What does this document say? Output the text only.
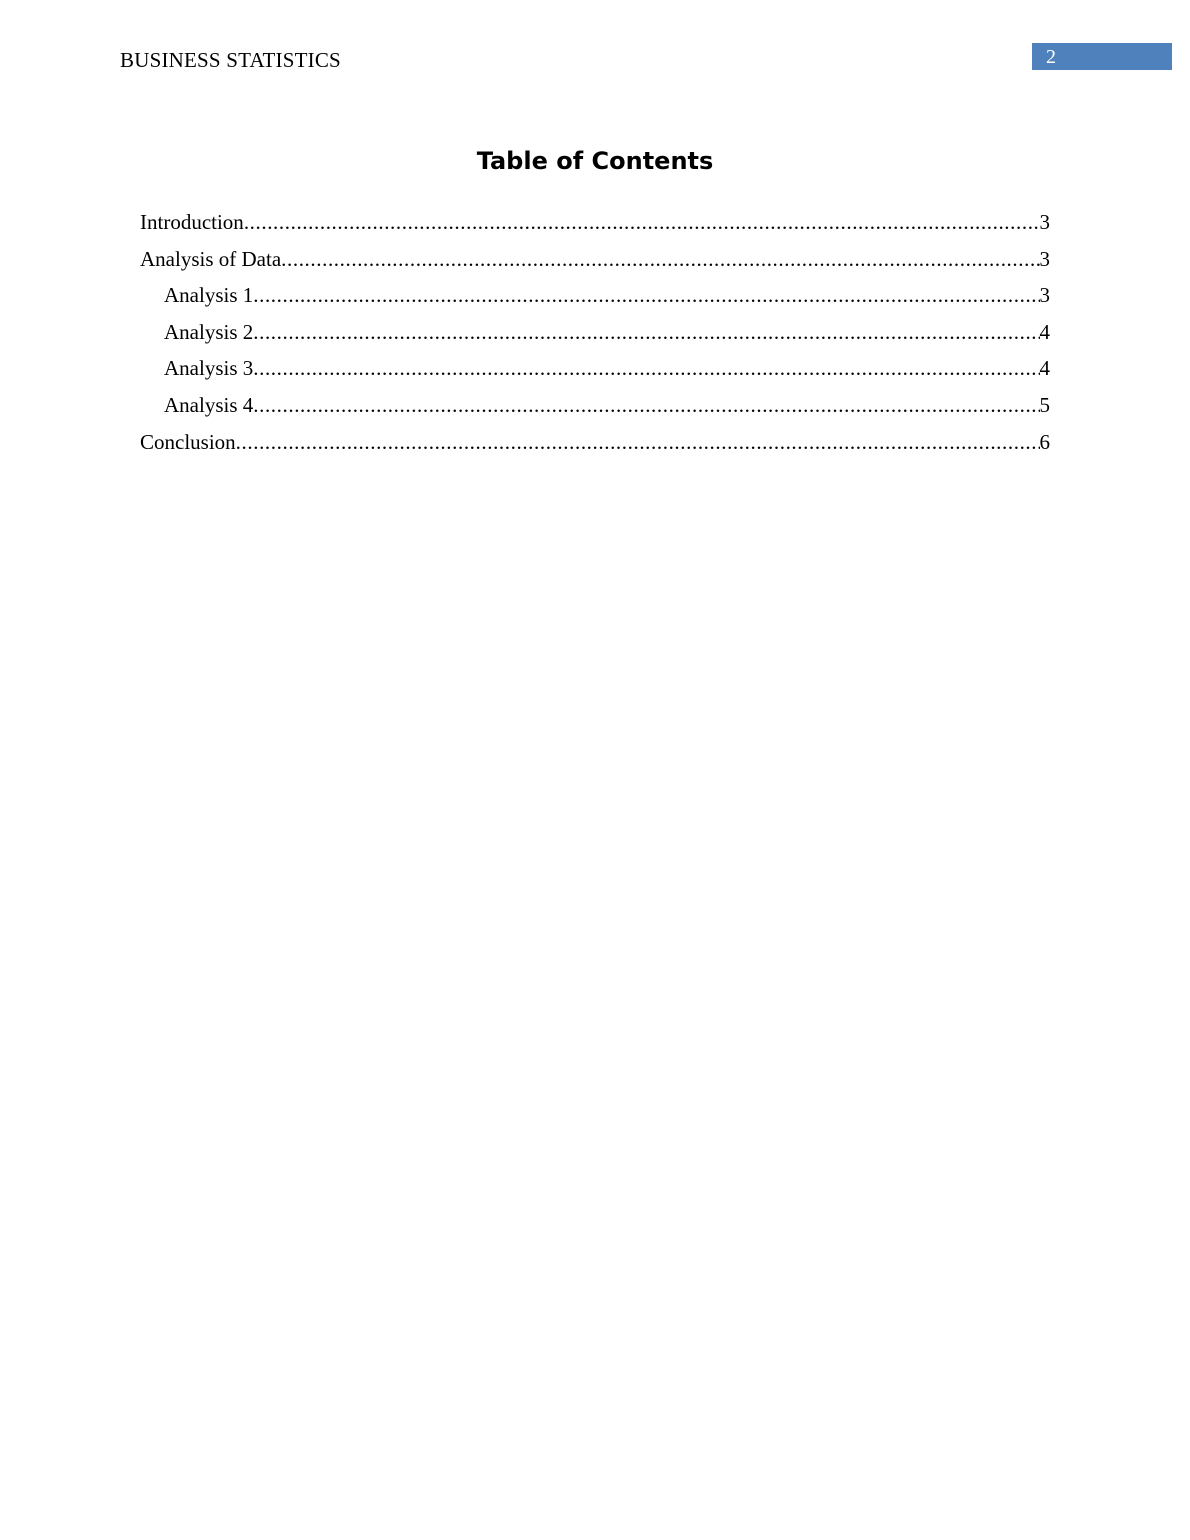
BUSINESS STATISTICS	2
Table of Contents
Introduction .....	3
Analysis of Data .....	3
Analysis 1 .....	3
Analysis 2 .....	4
Analysis 3 .....	4
Analysis 4 .....	5
Conclusion .....	6
